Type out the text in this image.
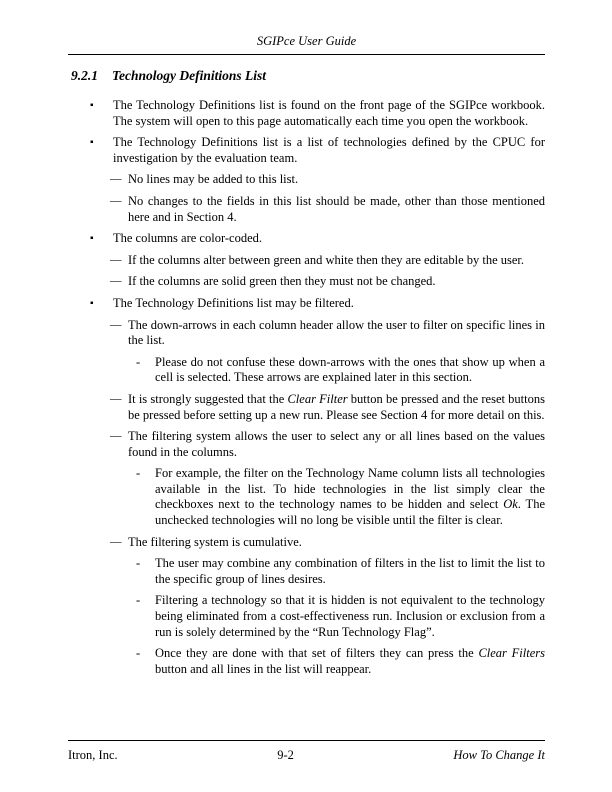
SGIPce User Guide
9.2.1 Technology Definitions List
▪	The Technology Definitions list is found on the front page of the SGIPce workbook. The system will open to this page automatically each time you open the workbook.
▪	The Technology Definitions list is a list of technologies defined by the CPUC for investigation by the evaluation team.
— No lines may be added to this list.
— No changes to the fields in this list should be made, other than those mentioned here and in Section 4.
▪	The columns are color-coded.
— If the columns alter between green and white then they are editable by the user.
— If the columns are solid green then they must not be changed.
▪	The Technology Definitions list may be filtered.
— The down-arrows in each column header allow the user to filter on specific lines in the list.
-	Please do not confuse these down-arrows with the ones that show up when a cell is selected. These arrows are explained later in this section.
— It is strongly suggested that the Clear Filter button be pressed and the reset buttons be pressed before setting up a new run. Please see Section 4 for more detail on this.
— The filtering system allows the user to select any or all lines based on the values found in the columns.
-	For example, the filter on the Technology Name column lists all technologies available in the list. To hide technologies in the list simply clear the checkboxes next to the technology names to be hidden and select Ok. The unchecked technologies will no long be visible until the filter is clear.
— The filtering system is cumulative.
-	The user may combine any combination of filters in the list to limit the list to the specific group of lines desires.
-	Filtering a technology so that it is hidden is not equivalent to the technology being eliminated from a cost-effectiveness run. Inclusion or exclusion from a run is solely determined by the “Run Technology Flag”.
-	Once they are done with that set of filters they can press the Clear Filters button and all lines in the list will reappear.
Itron, Inc.	9-2	How To Change It
